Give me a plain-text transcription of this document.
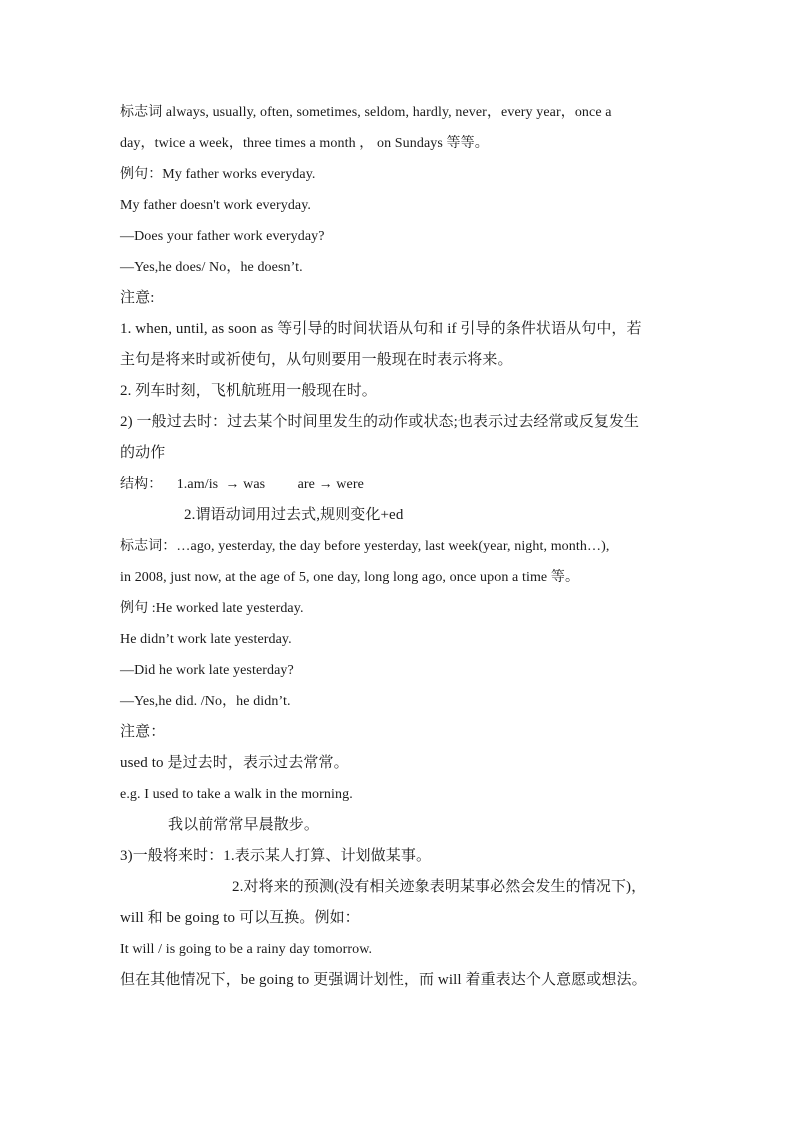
标志词 always, usually, often, sometimes, seldom, hardly, never，every year，once a
day，twice a week，three times a month ， on Sundays 等等。
例句：My father works everyday.
My father doesn't work everyday.
—Does your father work everyday?
—Yes,he does/ No，he doesn’t.
注意:
1. when, until, as soon as 等引导的时间状语从句和 if 引导的条件状语从句中，若
主句是将来时或祈使句，从句则要用一般现在时表示将来。
2. 列车时刻，飞机航班用一般现在时。
2) 一般过去时：过去某个时间里发生的动作或状态;也表示过去经常或反复发生
的动作
结构：    1.am/is  → was         are → were
2.谓语动词用过去式,规则变化+ed
标志词：…ago, yesterday, the day before yesterday, last week(year, night, month…),
in 2008, just now, at the age of 5, one day, long long ago, once upon a time 等。
例句 :He worked late yesterday.
He didn’t work late yesterday.
—Did he work late yesterday?
—Yes,he did. /No，he didn’t.
注意：
used to 是过去时，表示过去常常。
e.g. I used to take a walk in the morning.
我以前常常早晨散步。
3)一般将来时：1.表示某人打算、计划做某事。
2.对将来的预测(没有相关迹象表明某事必然会发生的情况下)，
will 和 be going to 可以互换。例如：
It will / is going to be a rainy day tomorrow.
但在其他情况下，be going to 更强调计划性，而 will 着重表达个人意愿或想法。
